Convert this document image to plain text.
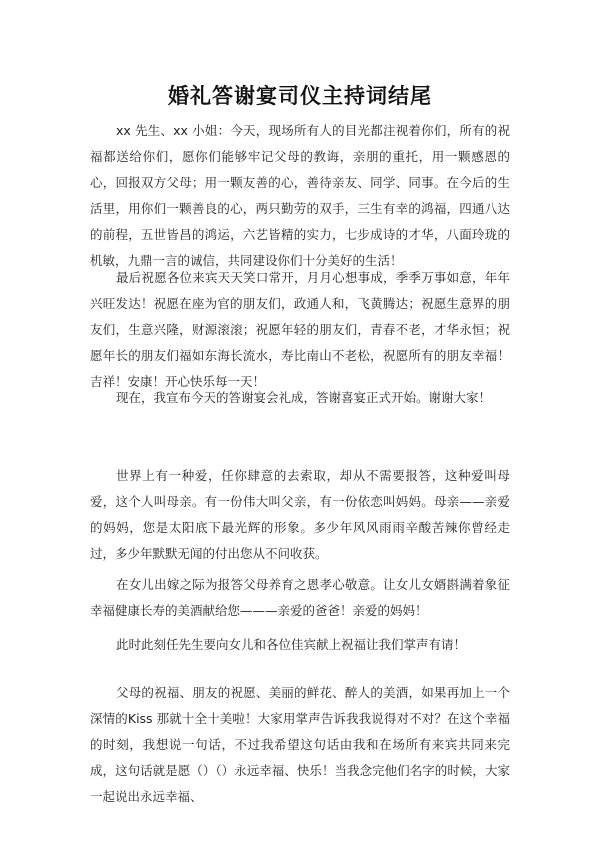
婚礼答谢宴司仪主持词结尾

xx 先生、xx 小姐：今天，现场所有人的目光都注视着你们，所有的祝福都送给你们，愿你们能够牢记父母的教诲，亲朋的重托，用一颗感恩的心，回报双方父母；用一颗友善的心，善待亲友、同学、同事。在今后的生活里，用你们一颗善良的心，两只勤劳的双手，三生有幸的鸿福，四通八达的前程，五世皆昌的鸿运，六艺皆精的实力，七步成诗的才华，八面玲珑的机敏，九鼎一言的诚信，共同建设你们十分美好的生活！

最后祝愿各位来宾天天笑口常开，月月心想事成，季季万事如意，年年兴旺发达！祝愿在座为官的朋友们，政通人和，飞黄腾达；祝愿生意界的朋友们，生意兴隆，财源滚滚；祝愿年轻的朋友们，青春不老，才华永恒；祝愿年长的朋友们福如东海长流水，寿比南山不老松，祝愿所有的朋友幸福！吉祥！安康！开心快乐每一天！

现在，我宣布今天的答谢宴会礼成，答谢喜宴正式开始。谢谢大家！

世界上有一种爱，任你肆意的去索取，却从不需要报答，这种爱叫母爱，这个人叫母亲。有一份伟大叫父亲，有一份依恋叫妈妈。母亲——亲爱的妈妈，您是太阳底下最光辉的形象。多少年风风雨雨辛酸苦辣你曾经走过，多少年默默无闻的付出您从不问收获。

在女儿出嫁之际为报答父母养育之恩孝心敬意。让女儿女婿斟满着象征幸福健康长寿的美酒献给您———亲爱的爸爸！亲爱的妈妈！

此时此刻任先生要向女儿和各位佳宾献上祝福让我们掌声有请！

父母的祝福、朋友的祝愿、美丽的鲜花、醉人的美酒，如果再加上一个深情的Kiss 那就十全十美啦！大家用掌声告诉我我说得对不对？在这个幸福的时刻，我想说一句话，不过我希望这句话由我和在场所有来宾共同来完成，这句话就是愿（）（）永远幸福、快乐！当我念完他们名字的时候，大家一起说出永远幸福、
